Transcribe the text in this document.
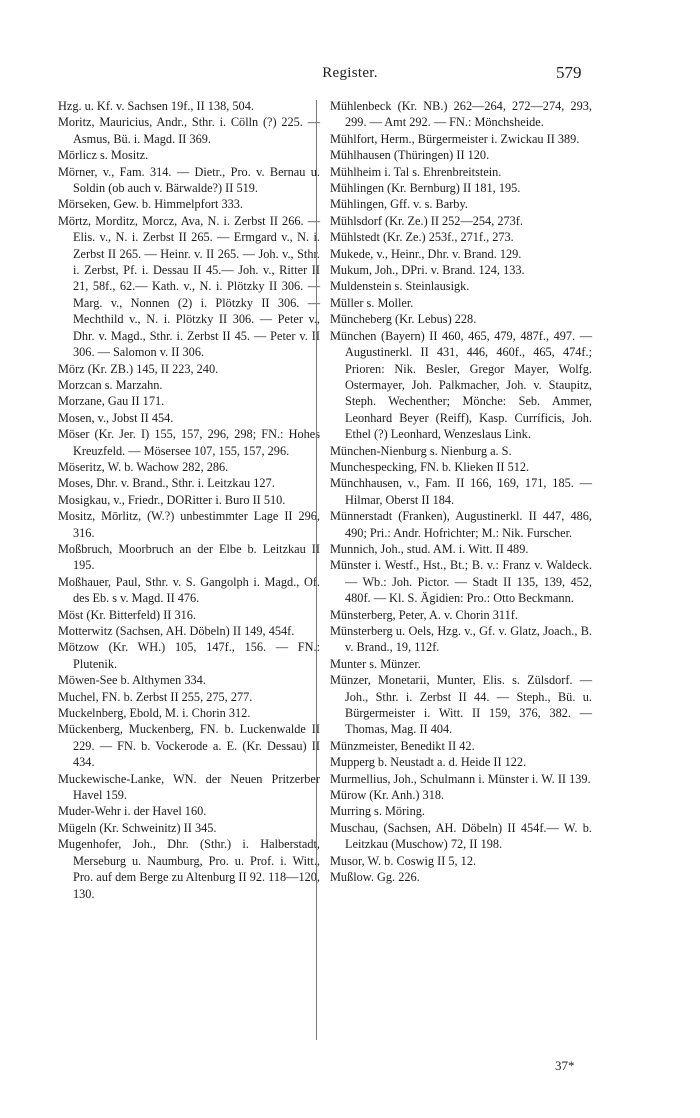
Register.	579

Hzg. u. Kf. v. Sachsen 19f., II 138, 504.

Moritz, Mauricius, Andr., Sthr. i. Cölln (?) 225. — Asmus, Bü. i. Magd. II 369.

Mōrlicz s. Mositz.

Mörner, v., Fam. 314. — Dietr., Pro. v. Bernau u. Soldin (ob auch v. Bärwalde?) II 519.

Mörseken, Gew. b. Himmelpfort 333.

Mörtz, Morditz, Morcz, Ava, N. i. Zerbst II 266. — Elis. v., N. i. Zerbst II 265. — Ermgard v., N. i. Zerbst II 265. — Heinr. v. II 265. — Joh. v., Sthr. i. Zerbst, Pf. i. Dessau II 45.— Joh. v., Ritter II 21, 58f., 62.— Kath. v., N. i. Plötzky II 306. — Marg. v., Nonnen (2) i. Plötzky II 306. — Mechthild v., N. i. Plötzky II 306. — Peter v., Dhr. v. Magd., Sthr. i. Zerbst II 45. — Peter v. II 306. — Salomon v. II 306.

Mörz (Kr. ZB.) 145, II 223, 240.

Morzcan s. Marzahn.

Morzane, Gau II 171.

Mosen, v., Jobst II 454.

Möser (Kr. Jer. I) 155, 157, 296, 298; FN.: Hohes Kreuzfeld. — Mösersee 107, 155, 157, 296.

Möseritz, W. b. Wachow 282, 286.

Moses, Dhr. v. Brand., Sthr. i. Leitzkau 127.

Mosigkau, v., Friedr., DORitter i. Buro II 510.

Mositz, Mōrlitz, (W.?) unbestimmter Lage II 296, 316.

Moßbruch, Moorbruch an der Elbe b. Leitzkau II 195.

Moßhauer, Paul, Sthr. v. S. Gangolph i. Magd., Of. des Eb. s v. Magd. II 476.

Möst (Kr. Bitterfeld) II 316.

Motterwitz (Sachsen, AH. Döbeln) II 149, 454f.

Mötzow (Kr. WH.) 105, 147f., 156. — FN.: Plutenik.

Möwen-See b. Althymen 334.

Muchel, FN. b. Zerbst II 255, 275, 277.

Muckelnberg, Ebold, M. i. Chorin 312.

Mückenberg, Muckenberg, FN. b. Luckenwalde II 229. — FN. b. Vockerode a. E. (Kr. Dessau) II 434.

Muckewische-Lanke, WN. der Neuen Pritzerber Havel 159.

Muder-Wehr i. der Havel 160.

Mügeln (Kr. Schweinitz) II 345.

Mugenhofer, Joh., Dhr. (Sthr.) i. Halberstadt, Merseburg u. Naumburg, Pro. u. Prof. i. Witt., Pro. auf dem Berge zu Altenburg II 92. 118—120, 130.

Mühlenbeck (Kr. NB.) 262—264, 272—274, 293, 299. — Amt 292. — FN.: Mönchsheide.

Mühlfort, Herm., Bürgermeister i. Zwickau II 389.

Mühlhausen (Thüringen) II 120.

Mühlheim i. Tal s. Ehrenbreitstein.

Mühlingen (Kr. Bernburg) II 181, 195.

Mühlingen, Gff. v. s. Barby.

Mühlsdorf (Kr. Ze.) II 252—254, 273f.

Mühlstedt (Kr. Ze.) 253f., 271f., 273.

Mukede, v., Heinr., Dhr. v. Brand. 129.

Mukum, Joh., DPri. v. Brand. 124, 133.

Muldenstein s. Steinlausigk.

Müller s. Moller.

Müncheberg (Kr. Lebus) 228.

München (Bayern) II 460, 465, 479, 487f., 497. — Augustinerkl. II 431, 446, 460f., 465, 474f.; Prioren: Nik. Besler, Gregor Mayer, Wolfg. Ostermayer, Joh. Palkmacher, Joh. v. Staupitz, Steph. Wechenther; Mönche: Seb. Ammer, Leonhard Beyer (Reiff), Kasp. Curríficis, Joh. Ethel (?) Leonhard, Wenzeslaus Link.

München-Nienburg s. Nienburg a. S.

Munchespecking, FN. b. Klieken II 512.

Münchhausen, v., Fam. II 166, 169, 171, 185. — Hilmar, Oberst II 184.

Münnerstadt (Franken), Augustinerkl. II 447, 486, 490; Pri.: Andr. Hofrichter; M.: Nik. Furscher.

Munnich, Joh., stud. AM. i. Witt. II 489.

Münster i. Westf., Hst., Bt.; B. v.: Franz v. Waldeck. — Wb.: Joh. Pictor. — Stadt II 135, 139, 452, 480f. — Kl. S. Ägidien: Pro.: Otto Beckmann.

Münsterberg, Peter, A. v. Chorin 311f.

Münsterberg u. Oels, Hzg. v., Gf. v. Glatz, Joach., B. v. Brand., 19, 112f.

Munter s. Münzer.

Münzer, Monetarii, Munter, Elis. s. Zülsdorf. — Joh., Sthr. i. Zerbst II 44. — Steph., Bü. u. Bürgermeister i. Witt. II 159, 376, 382. — Thomas, Mag. II 404.

Münzmeister, Benedikt II 42.

Mupperg b. Neustadt a. d. Heide II 122.

Murmellius, Joh., Schulmann i. Münster i. W. II 139.

Mürow (Kr. Anh.) 318.

Murring s. Möring.

Muschau, (Sachsen, AH. Döbeln) II 454f.— W. b. Leitzkau (Muschow) 72, II 198.

Musor, W. b. Coswig II 5, 12.

Mußlow. Gg. 226.

37*
